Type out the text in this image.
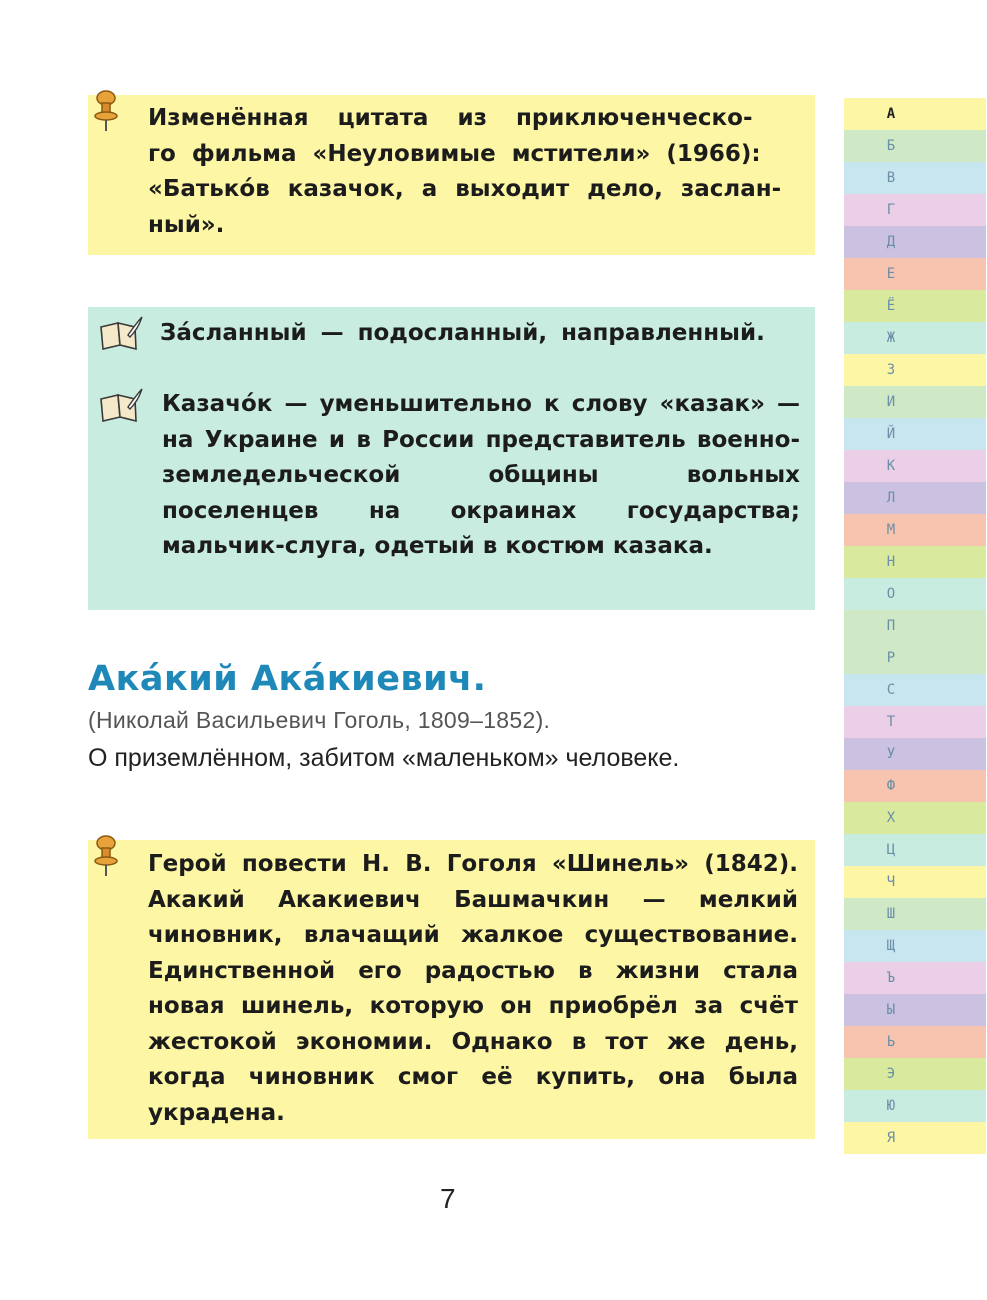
Изменённая цитата из приключенческо-
го фильма «Неуловимые мстители» (1966):
«Батько́в казачок, а выходит дело, заслан-
ный».
За́сланный — подосланный, направленный.
Казачо́к — уменьшительно к слову «казак» — на Украине и в России представитель военно-земледельческой общины вольных поселенцев на окраинах государства; мальчик-слуга, одетый в костюм казака.
Ака́кий Ака́киевич.
(Николай Васильевич Гоголь, 1809–1852).
О приземлённом, забитом «маленьком» человеке.
Герой повести Н. В. Гоголя «Шинель» (1842). Акакий Акакиевич Башмачкин — мелкий чиновник, влачащий жалкое существование. Единственной его радостью в жизни стала новая шинель, которую он приобрёл за счёт жестокой экономии. Однако в тот же день, когда чиновник смог её купить, она была украдена.
7
А
Б
В
Г
Д
Е
Ё
Ж
З
И
Й
К
Л
М
Н
О
П
Р
С
Т
У
Ф
Х
Ц
Ч
Ш
Щ
Ъ
Ы
Ь
Э
Ю
Я
